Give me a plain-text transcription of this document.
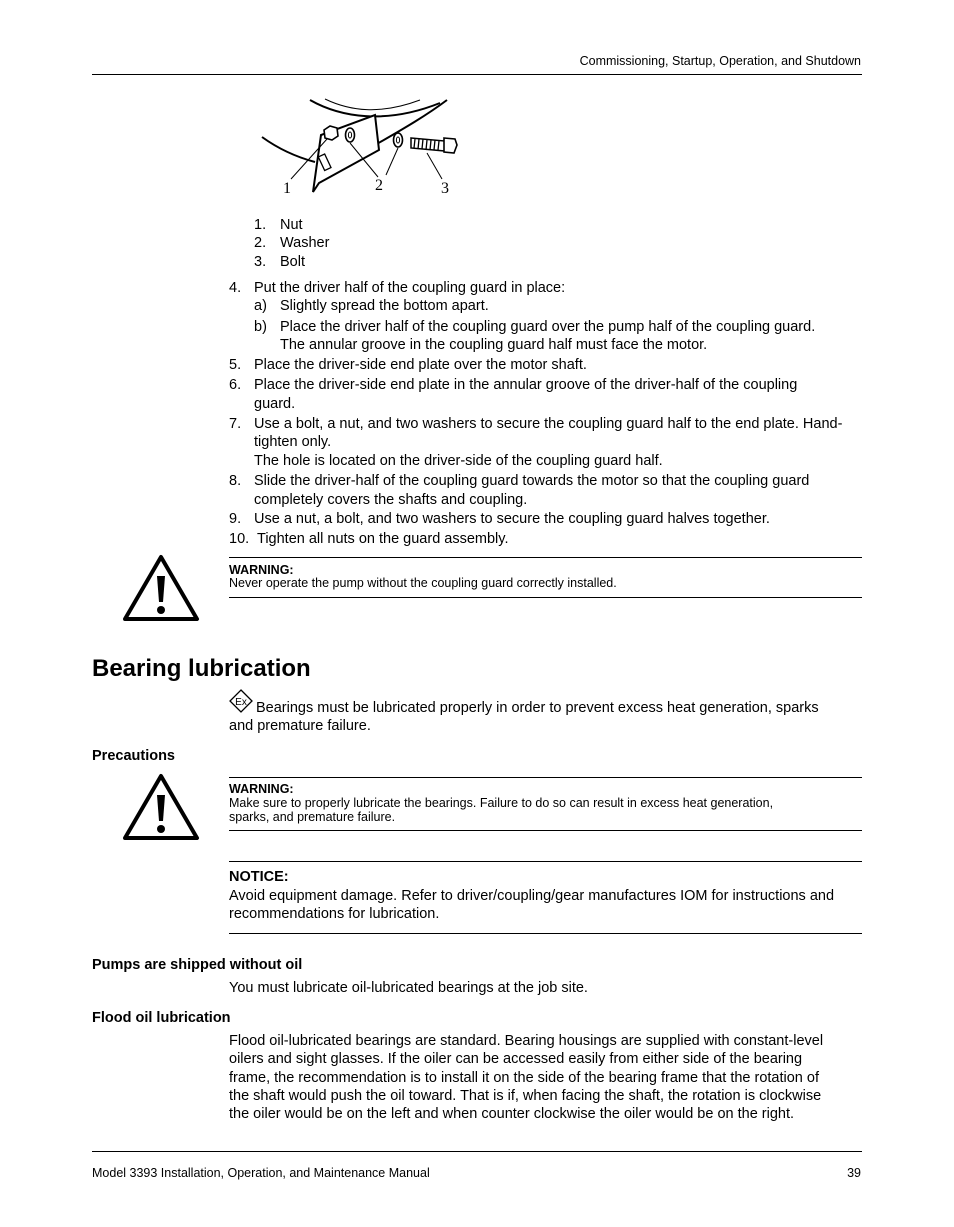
Commissioning, Startup, Operation, and Shutdown
1	2	3
1. Nut
2. Washer
3. Bolt
4. Put the driver half of the coupling guard in place:
a) Slightly spread the bottom apart.
b) Place the driver half of the coupling guard over the pump half of the coupling guard.
The annular groove in the coupling guard half must face the motor.
5. Place the driver-side end plate over the motor shaft.
6. Place the driver-side end plate in the annular groove of the driver-half of the coupling
guard.
7. Use a bolt, a nut, and two washers to secure the coupling guard half to the end plate. Hand-
tighten only.
The hole is located on the driver-side of the coupling guard half.
8. Slide the driver-half of the coupling guard towards the motor so that the coupling guard
completely covers the shafts and coupling.
9. Use a nut, a bolt, and two washers to secure the coupling guard halves together.
10. Tighten all nuts on the guard assembly.
WARNING:
Never operate the pump without the coupling guard correctly installed.
Bearing lubrication
Ex Bearings must be lubricated properly in order to prevent excess heat generation, sparks
and premature failure.
Precautions
WARNING:
Make sure to properly lubricate the bearings. Failure to do so can result in excess heat generation,
sparks, and premature failure.
NOTICE:
Avoid equipment damage. Refer to driver/coupling/gear manufactures IOM for instructions and
recommendations for lubrication.
Pumps are shipped without oil
You must lubricate oil-lubricated bearings at the job site.
Flood oil lubrication
Flood oil-lubricated bearings are standard. Bearing housings are supplied with constant-level
oilers and sight glasses. If the oiler can be accessed easily from either side of the bearing
frame, the recommendation is to install it on the side of the bearing frame that the rotation of
the shaft would push the oil toward. That is if, when facing the shaft, the rotation is clockwise
the oiler would be on the left and when counter clockwise the oiler would be on the right.
Model 3393 Installation, Operation, and Maintenance Manual	39
